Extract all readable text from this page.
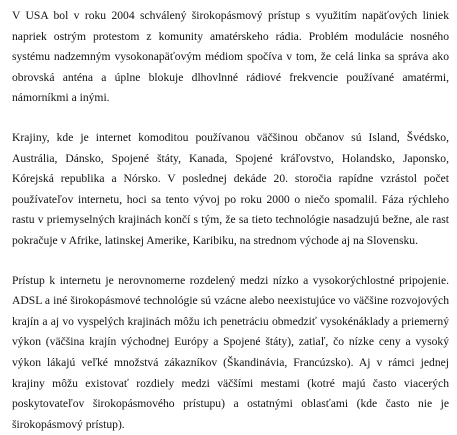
V USA bol v roku 2004 schválený širokopásmový prístup s využitím napäťových liniek
napriek ostrým protestom z komunity amatérskeho rádia. Problém modulácie nosného
systému nadzemným vysokonapäťovým médiom spočíva v tom, že celá linka sa správa ako
obrovská anténa a úplne blokuje dlhovlnné rádiové frekvencie používané amatérmi,
námorníkmi a inými.
Krajiny, kde je internet komoditou používanou väčšinou občanov sú Island, Švédsko,
Austrália, Dánsko, Spojené štáty, Kanada, Spojené kráľovstvo, Holandsko, Japonsko,
Kórejská republika a Nórsko. V poslednej dekáde 20. storočia rapídne vzrástol počet
používateľov internetu, hoci sa tento vývoj po roku 2000 o niečo spomalil. Fáza rýchleho
rastu v priemyselných krajinách končí s tým, že sa tieto technológie nasadzujú bežne, ale rast
pokračuje v Afrike, latinskej Amerike, Karibiku, na strednom východe aj na Slovensku.
Prístup k internetu je nerovnomerne rozdelený medzi nízko a vysokorýchlostné pripojenie.
ADSL a iné širokopásmové technológie sú vzácne alebo neexistujúce vo väčšine rozvojových
krajín a aj vo vyspelých krajinách môžu ich penetráciu obmedziť vysokénáklady a priemerný
výkon (väčšina krajín východnej Európy a Spojené štáty), zatiaľ, čo nízke ceny a vysoký
výkon lákajú veľké množstvá zákazníkov (Škandinávia, Francúzsko). Aj v rámci jednej
krajiny môžu existovať rozdiely medzi väčšími mestami (kotré majú často viacerých
poskytovateľov širokopásmového prístupu) a ostatnými oblasťami (kde často nie je
širokopásmový prístup).
